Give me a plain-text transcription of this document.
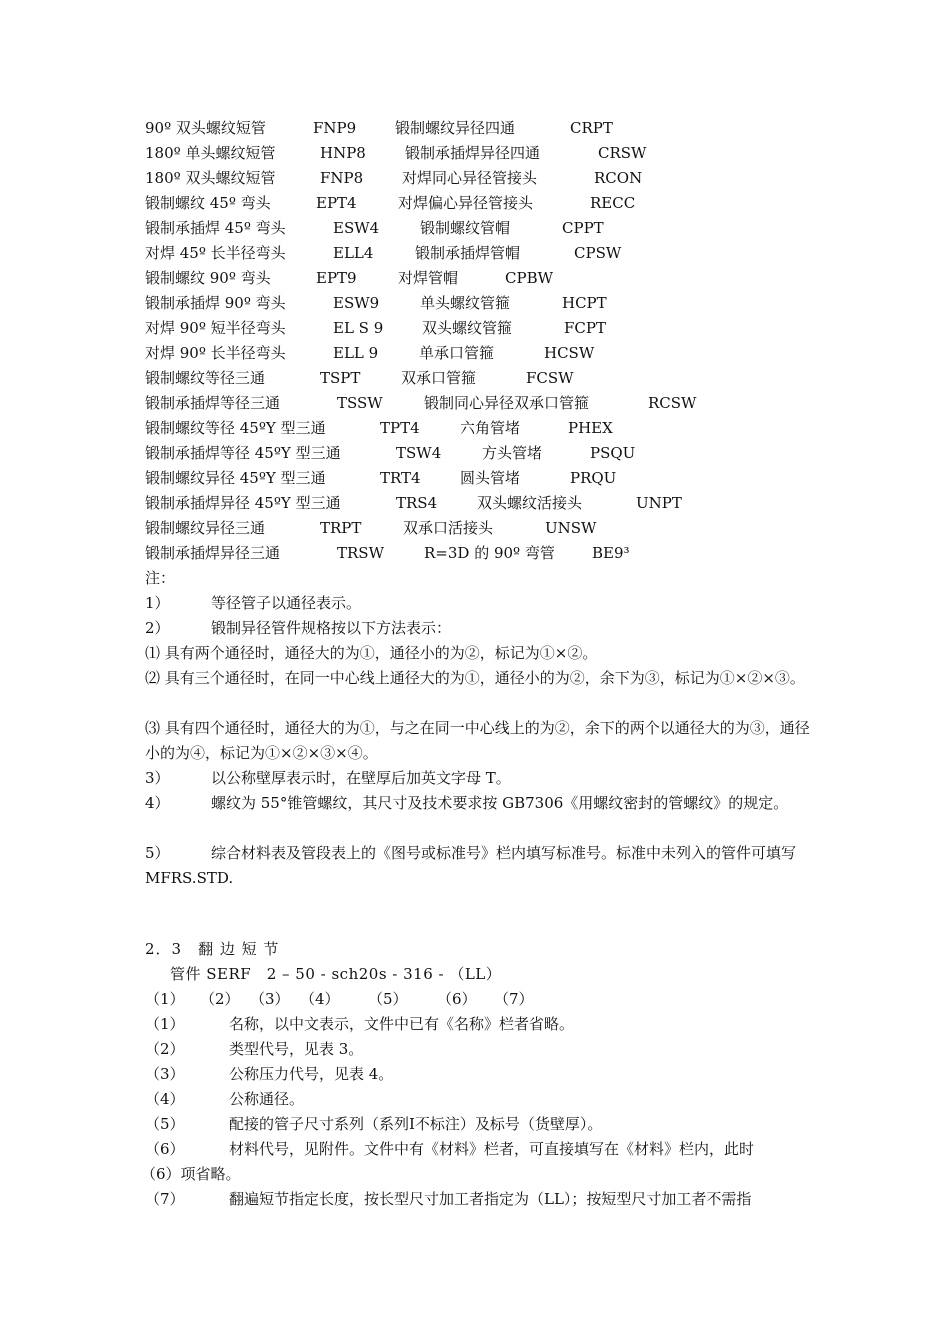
90º 双头螺纹短管	FNP9	锻制螺纹异径四通	CRPT
180º 单头螺纹短管	HNP8	锻制承插焊异径四通	CRSW
180º 双头螺纹短管	FNP8	对焊同心异径管接头	RCON
锻制螺纹 45º 弯头	EPT4	对焊偏心异径管接头	RECC
锻制承插焊 45º 弯头	ESW4	锻制螺纹管帽	CPPT
对焊 45º 长半径弯头	ELL4	锻制承插焊管帽	CPSW
锻制螺纹 90º 弯头	EPT9	对焊管帽	CPBW
锻制承插焊 90º 弯头	ESW9	单头螺纹管箍	HCPT
对焊 90º 短半径弯头	EL S 9	双头螺纹管箍	FCPT
对焊 90º 长半径弯头	ELL 9	单承口管箍	HCSW
锻制螺纹等径三通	TSPT	双承口管箍	FCSW
锻制承插焊等径三通	TSSW	锻制同心异径双承口管箍	RCSW
锻制螺纹等径 45ºY 型三通	TPT4	六角管堵	PHEX
锻制承插焊等径 45ºY 型三通	TSW4	方头管堵	PSQU
锻制螺纹异径 45ºY 型三通	TRT4	圆头管堵	PRQU
锻制承插焊异径 45ºY 型三通	TRS4	双头螺纹活接头	UNPT
锻制螺纹异径三通	TRPT	双承口活接头	UNSW
锻制承插焊异径三通	TRSW	R=3D 的 90º 弯管 BE9³
注：
1）	等径管子以通径表示。
2）	锻制异径管件规格按以下方法表示：
⑴ 具有两个通径时，通径大的为①，通径小的为②，标记为①×②。
⑵ 具有三个通径时，在同一中心线上通径大的为①，通径小的为②，余下为③，标记为①×②×③。
⑶ 具有四个通径时，通径大的为①，与之在同一中心线上的为②，余下的两个以通径大的为③，通径小的为④，标记为①×②×③×④。
3）	以公称壁厚表示时，在壁厚后加英文字母 T。
4）	螺纹为 55°锥管螺纹，其尺寸及技术要求按 GB7306《用螺纹密封的管螺纹》的规定。
5）	综合材料表及管段表上的《图号或标准号》栏内填写标准号。标准中未列入的管件可填写 MFRS.STD.
2．3　翻 边 短 节
管件 SERF　2 – 50 - sch20s - 316 - （LL）
（1）	（2） （3） （4）	（5）	（6）	（7）
（1）	名称，以中文表示，文件中已有《名称》栏者省略。
（2）	类型代号，见表 3。
（3）	公称压力代号，见表 4。
（4）	公称通径。
（5）	配接的管子尺寸系列（系列Ⅰ不标注）及标号（货壁厚）。
（6）	材料代号，见附件。文件中有《材料》栏者，可直接填写在《材料》栏内，此时
（6）项省略。
（7）	翻遍短节指定长度，按长型尺寸加工者指定为（LL）；按短型尺寸加工者不需指
